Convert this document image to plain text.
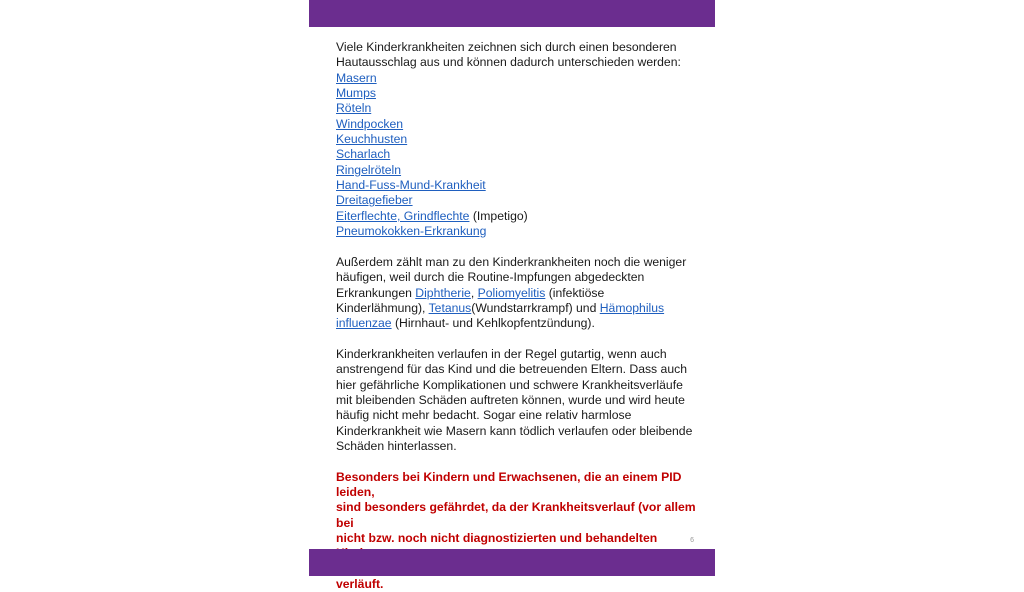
Viele Kinderkrankheiten zeichnen sich durch einen besonderen

Hautausschlag aus und können dadurch unterschieden werden:

Masern

Mumps

Röteln

Windpocken

Keuchhusten

Scharlach

Ringelröteln

Hand-Fuss-Mund-Krankheit

Dreitagefieber

Eiterflechte, Grindflechte (Impetigo)

Pneumokokken-Erkrankung

Außerdem zählt man zu den Kinderkrankheiten noch die weniger

häufigen, weil durch die Routine-Impfungen abgedeckten

Erkrankungen Diphtherie, Poliomyelitis (infektiöse

Kinderlähmung), Tetanus(Wundstarrkrampf) und Hämophilus

influenzae (Hirnhaut- und Kehlkopfentzündung).

Kinderkrankheiten verlaufen in der Regel gutartig, wenn auch

anstrengend für das Kind und die betreuenden Eltern. Dass auch

hier gefährliche Komplikationen und schwere Krankheitsverläufe

mit bleibenden Schäden auftreten können, wurde und wird heute

häufig nicht mehr bedacht. Sogar eine relativ harmlose

Kinderkrankheit wie Masern kann tödlich verlaufen oder bleibende

Schäden hinterlassen.

Besonders bei Kindern und Erwachsenen, die an einem PID leiden,

sind besonders gefährdet, da der Krankheitsverlauf (vor allem bei

nicht bzw. noch nicht diagnostizierten und behandelten

verläuft.

6
